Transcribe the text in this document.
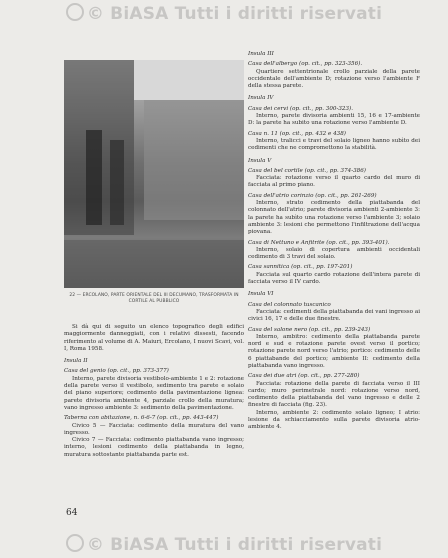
© BiASA Tutti i diritti riservati
22 — ERCOLANO, PARTE ORIENTALE DEL III DECUMANO, TRASFORMATA IN CORTILE AL PUBBLICO
Si dà qui di seguito un elenco topografico degli edifici maggiormente danneggiati, con i relativi dissesti, facendo riferimento al volume di A. Maiuri, Ercolano, I nuovi Scavi, vol. I, Roma 1958.
Insula II
Casa del genio (op. cit., pp. 373-377)
Interno, parete divisoria vestibolo-ambiente 1 e 2: rotazione della parete verso il vestibolo, sedimento tra parete e solaio del piano superiore; cedimento della pavimentazione lignea: parete divisoria ambiente 4, parziale crollo della muratura; vano ingresso ambiente 3: sedimento della pavimentazione.
Taberna con abitazione, n. 6-6-7 (op. cit., pp. 443-447)
Civico 5 — Facciata: cedimento della muratura del vano ingresso.
Civico 7 — Facciata: cedimento piattabanda vano ingresso; interno, lesioni cedimento della piattabanda in legno, muratura sottostante piattabanda parte est.
Insula III
Casa dell'albergo (op. cit., pp. 323-356).
Quartiere settentrionale crollo parziale della parete occidentale dell'ambiente D; rotazione verso l'ambiente F della stessa parete.
Insula IV
Casa dei cervi (op. cit., pp. 300-323).
Interno, parete divisoria ambienti 15, 16 e 17-ambiente D: la parete ha subito una rotazione verso l'ambiente D.
Casa n. 11 (op. cit., pp. 432 e 438)
Interno, tralicci e travi del solaio ligneo hanno subìto dei cedimenti che ne compromettono la stabilità.
Insula V
Casa del bel cortile (op. cit., pp. 374-386)
Facciata: rotazione verso il quarto cardo del muro di facciata al primo piano.
Casa dell'atrio corinzio (op. cit., pp. 261-269)
Interno, strato cedimento della piattabanda del colonnato dell'atrio; parete divisoria ambienti 2-ambiente 3: la parete ha subìto una rotazione verso l'ambiente 3; solaio ambiente 3: lesioni che permettono l'infiltrazione dell'acqua piovana.
Casa di Nettuno e Anfitrite (op. cit., pp. 393-401).
Interno, solaio di copertura ambienti occidentali cedimento di 3 travi del solaio.
Casa sannitica (op. cit., pp. 197-201)
Facciata sul quarto cardo rotazione dell'intera parete di facciata verso il IV cardo.
Insula VI
Casa del colonnato tuscanico
Facciata: cedimenti della piattabanda dei vani ingresso ai civici 16, 17 e delle due finestre.
Casa del salone nero (op. cit., pp. 239-243)
Interno, ambitro: cedimento della piattabanda parete nord e sud e rotazione parete ovest verso il portico; rotazione parete nord verso l'atrio; portico: cedimento delle 6 piattabande del portico; ambiente II: cedimento della piattabanda vano ingresso.
Casa dei due atri (op. cit., pp. 277-280)
Facciata: rotazione della parete di facciata verso il III cardo; muro perimetrale nord: rotazione verso nord, cedimento della piattabanda del vano ingresso e delle 2 finestre di facciata (fig. 23).
Interno, ambiente 2: cedimento solaio ligneo; I atrio: lesione da schiacciamento sulla parete divisoria atrio-ambiente 4.
64
© BiASA Tutti i diritti riservati
